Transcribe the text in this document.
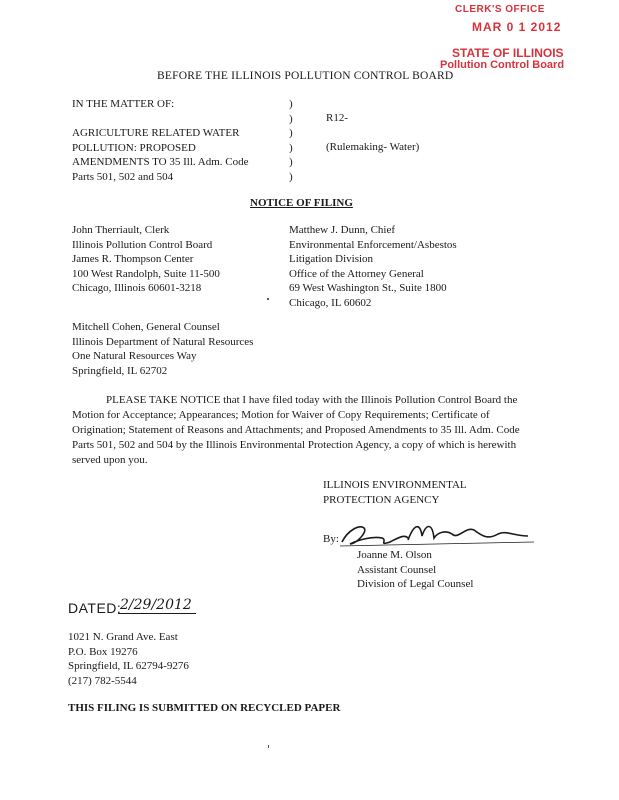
CLERK'S OFFICE
MAR 0 1 2012
STATE OF ILLINOIS
Pollution Control Board
BEFORE THE ILLINOIS POLLUTION CONTROL BOARD
IN THE MATTER OF:
AGRICULTURE RELATED WATER
POLLUTION: PROPOSED
AMENDMENTS TO 35 Ill. Adm. Code
Parts 501, 502 and 504
)
)
)
)
)
)
R12-
(Rulemaking- Water)
NOTICE OF FILING
John Therriault, Clerk
Illinois Pollution Control Board
James R. Thompson Center
100 West Randolph, Suite 11-500
Chicago, Illinois 60601-3218
Matthew J. Dunn, Chief
Environmental Enforcement/Asbestos
Litigation Division
Office of the Attorney General
69 West Washington St., Suite 1800
Chicago, IL 60602
Mitchell Cohen, General Counsel
Illinois Department of Natural Resources
One Natural Resources Way
Springfield, IL 62702
PLEASE TAKE NOTICE that I have filed today with the Illinois Pollution Control Board the Motion for Acceptance; Appearances; Motion for Waiver of Copy Requirements; Certificate of Origination; Statement of Reasons and Attachments; and Proposed Amendments to 35 Ill. Adm. Code Parts 501, 502 and 504 by the Illinois Environmental Protection Agency, a copy of which is herewith served upon you.
ILLINOIS ENVIRONMENTAL
PROTECTION AGENCY
By:
Joanne M. Olson
Assistant Counsel
Division of Legal Counsel
DATED:
2/29/2012
1021 N. Grand Ave. East
P.O. Box 19276
Springfield, IL 62794-9276
(217) 782-5544
THIS FILING IS SUBMITTED ON RECYCLED PAPER
